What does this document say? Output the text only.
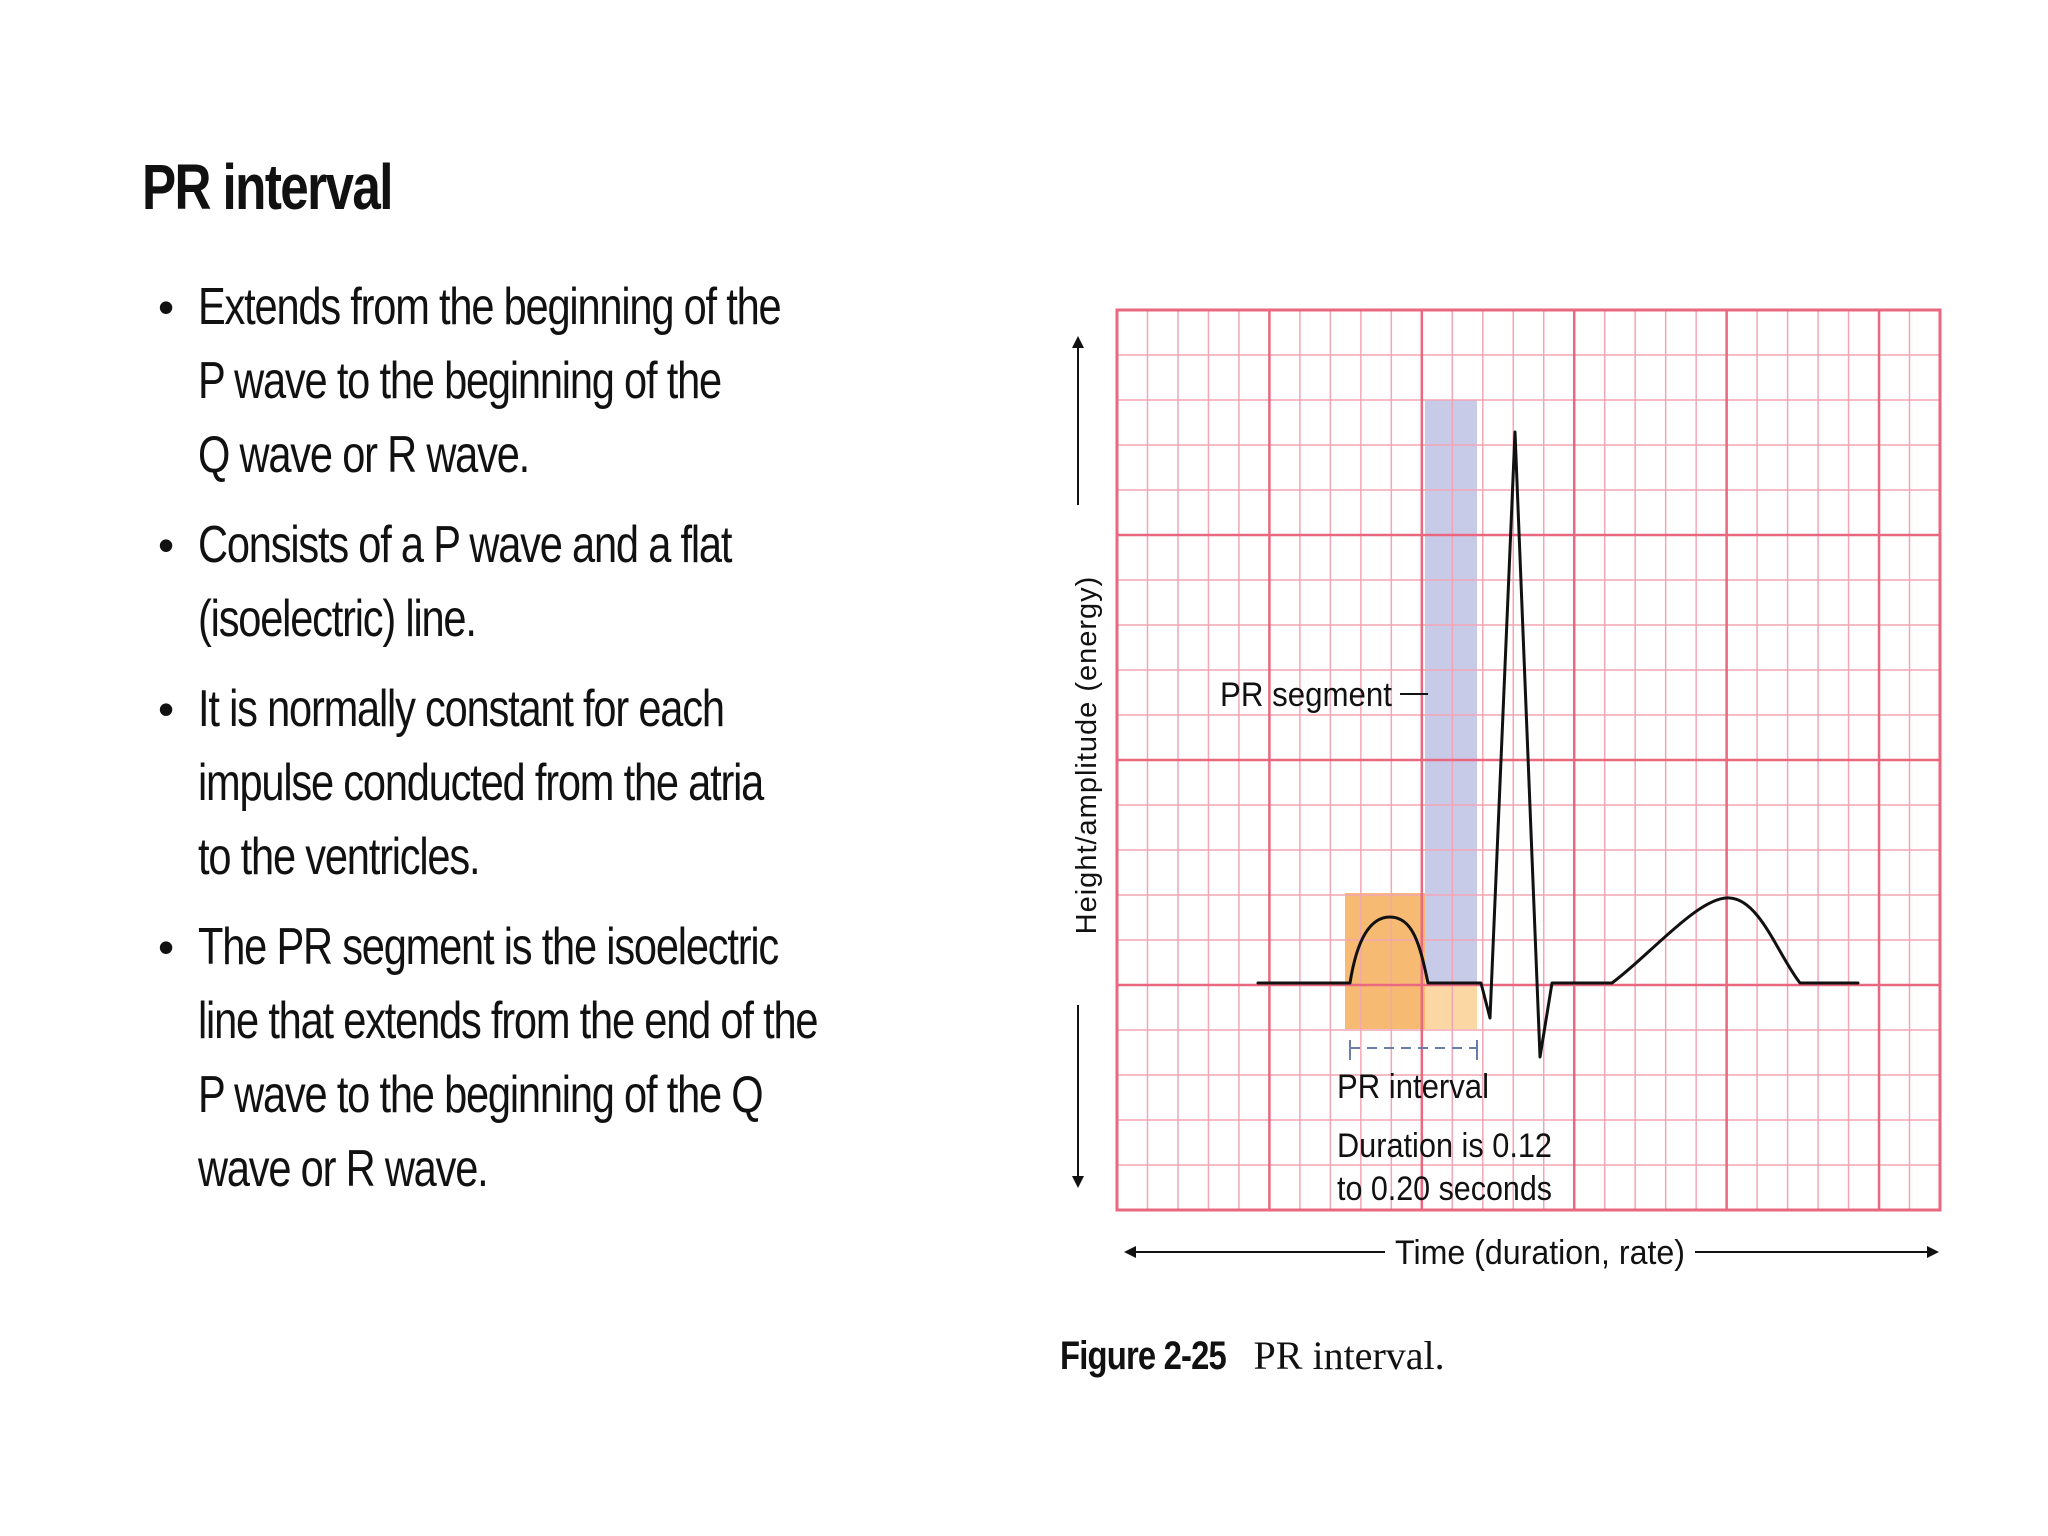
PR interval
• Extends from the beginning of the
P wave to the beginning of the
Q wave or R wave.
• Consists of a P wave and a flat
(isoelectric) line.
• It is normally constant for each
impulse conducted from the atria
to the ventricles.
• The PR segment is the isoelectric
line that extends from the end of the
P wave to the beginning of the Q
wave or R wave.
Height/amplitude (energy)
Time (duration, rate)
PR segment
PR interval
Duration is 0.12
to 0.20 seconds
Figure 2-25 PR interval.
